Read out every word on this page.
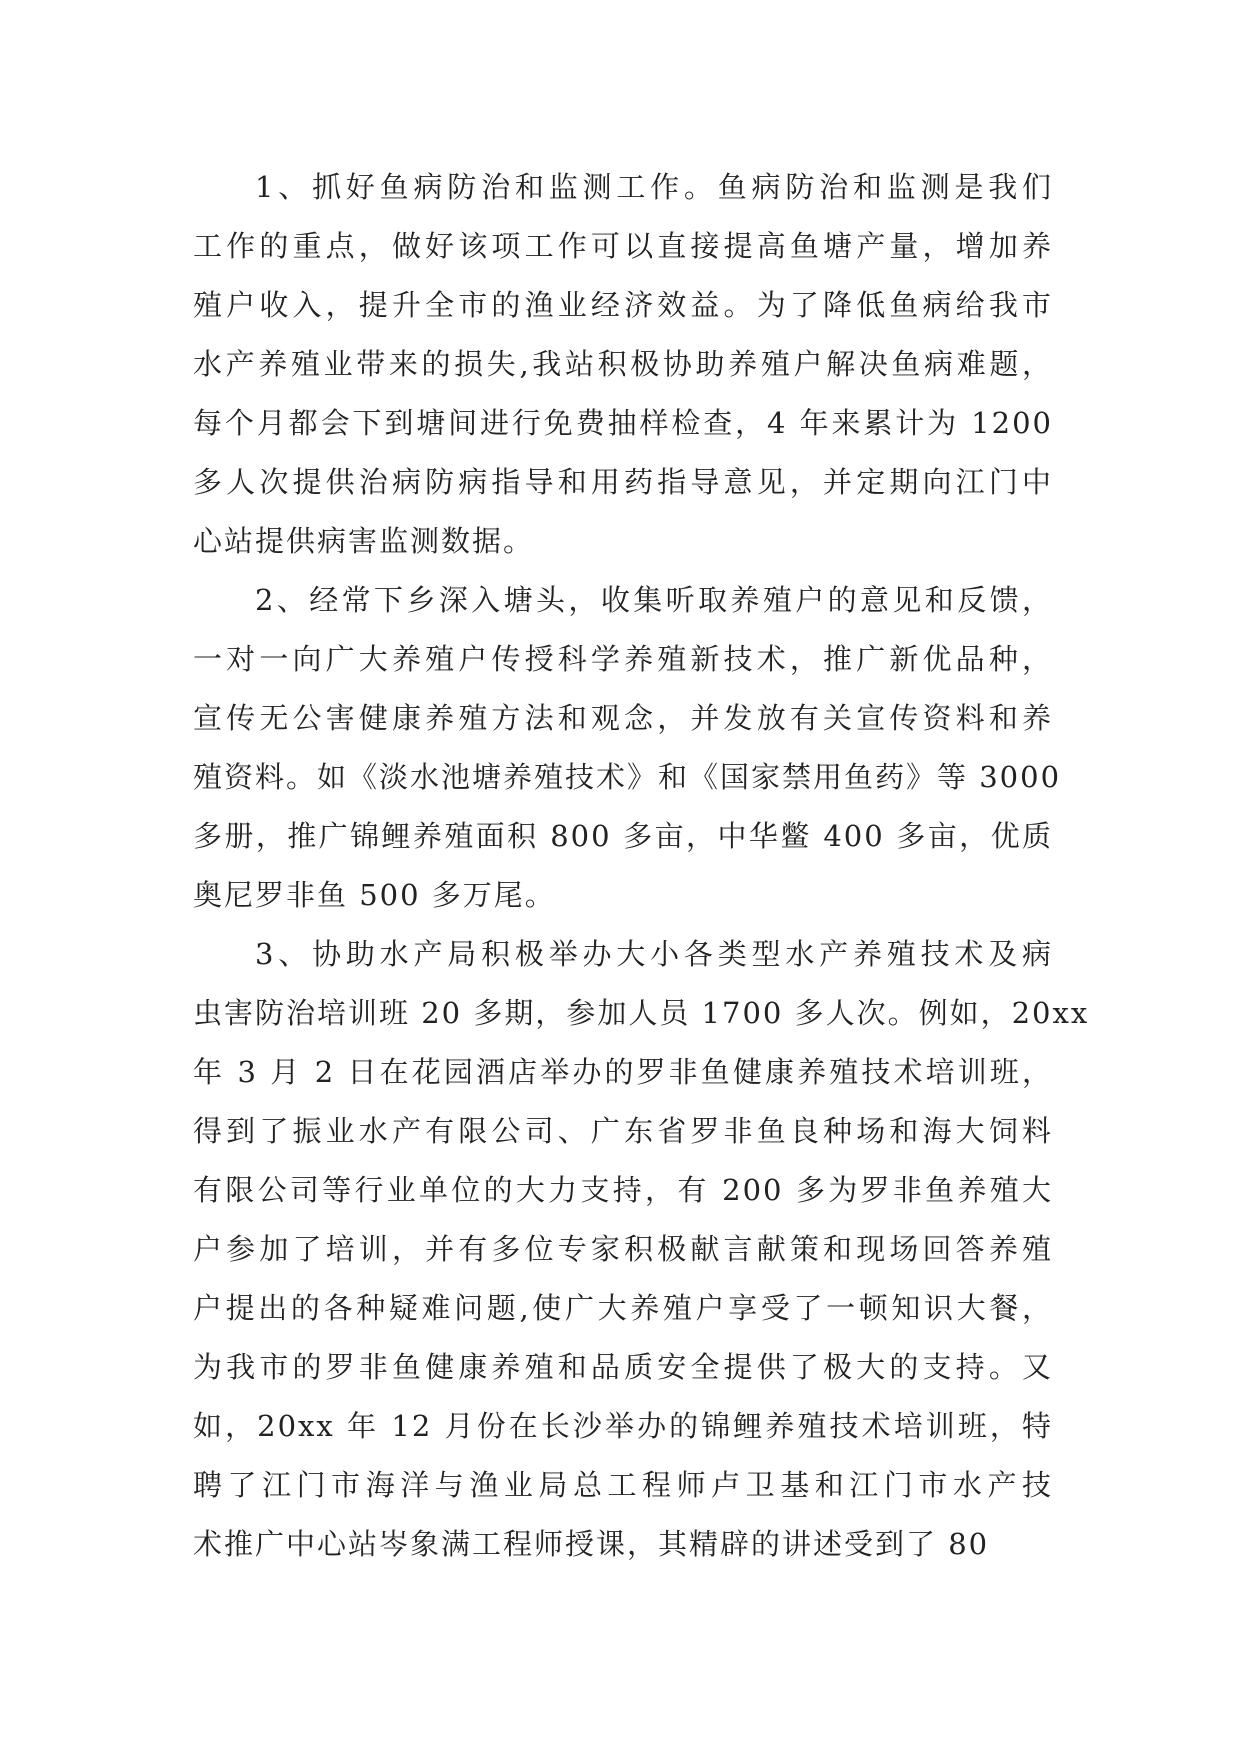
1、抓好鱼病防治和监测工作。鱼病防治和监测是我们
工作的重点，做好该项工作可以直接提高鱼塘产量，增加养
殖户收入，提升全市的渔业经济效益。为了降低鱼病给我市
水产养殖业带来的损失,我站积极协助养殖户解决鱼病难题，
每个月都会下到塘间进行免费抽样检查，4 年来累计为 1200
多人次提供治病防病指导和用药指导意见，并定期向江门中
心站提供病害监测数据。

2、经常下乡深入塘头，收集听取养殖户的意见和反馈，
一对一向广大养殖户传授科学养殖新技术，推广新优品种，
宣传无公害健康养殖方法和观念，并发放有关宣传资料和养
殖资料。如《淡水池塘养殖技术》和《国家禁用鱼药》等 3000
多册，推广锦鲤养殖面积 800 多亩，中华鳖 400 多亩，优质
奥尼罗非鱼 500 多万尾。

3、协助水产局积极举办大小各类型水产养殖技术及病
虫害防治培训班 20 多期，参加人员 1700 多人次。例如，20xx
年 3 月 2 日在花园酒店举办的罗非鱼健康养殖技术培训班，
得到了振业水产有限公司、广东省罗非鱼良种场和海大饲料
有限公司等行业单位的大力支持，有 200 多为罗非鱼养殖大
户参加了培训，并有多位专家积极献言献策和现场回答养殖
户提出的各种疑难问题,使广大养殖户享受了一顿知识大餐，
为我市的罗非鱼健康养殖和品质安全提供了极大的支持。又
如，20xx 年 12 月份在长沙举办的锦鲤养殖技术培训班，特
聘了江门市海洋与渔业局总工程师卢卫基和江门市水产技
术推广中心站岑象满工程师授课，其精辟的讲述受到了 80
